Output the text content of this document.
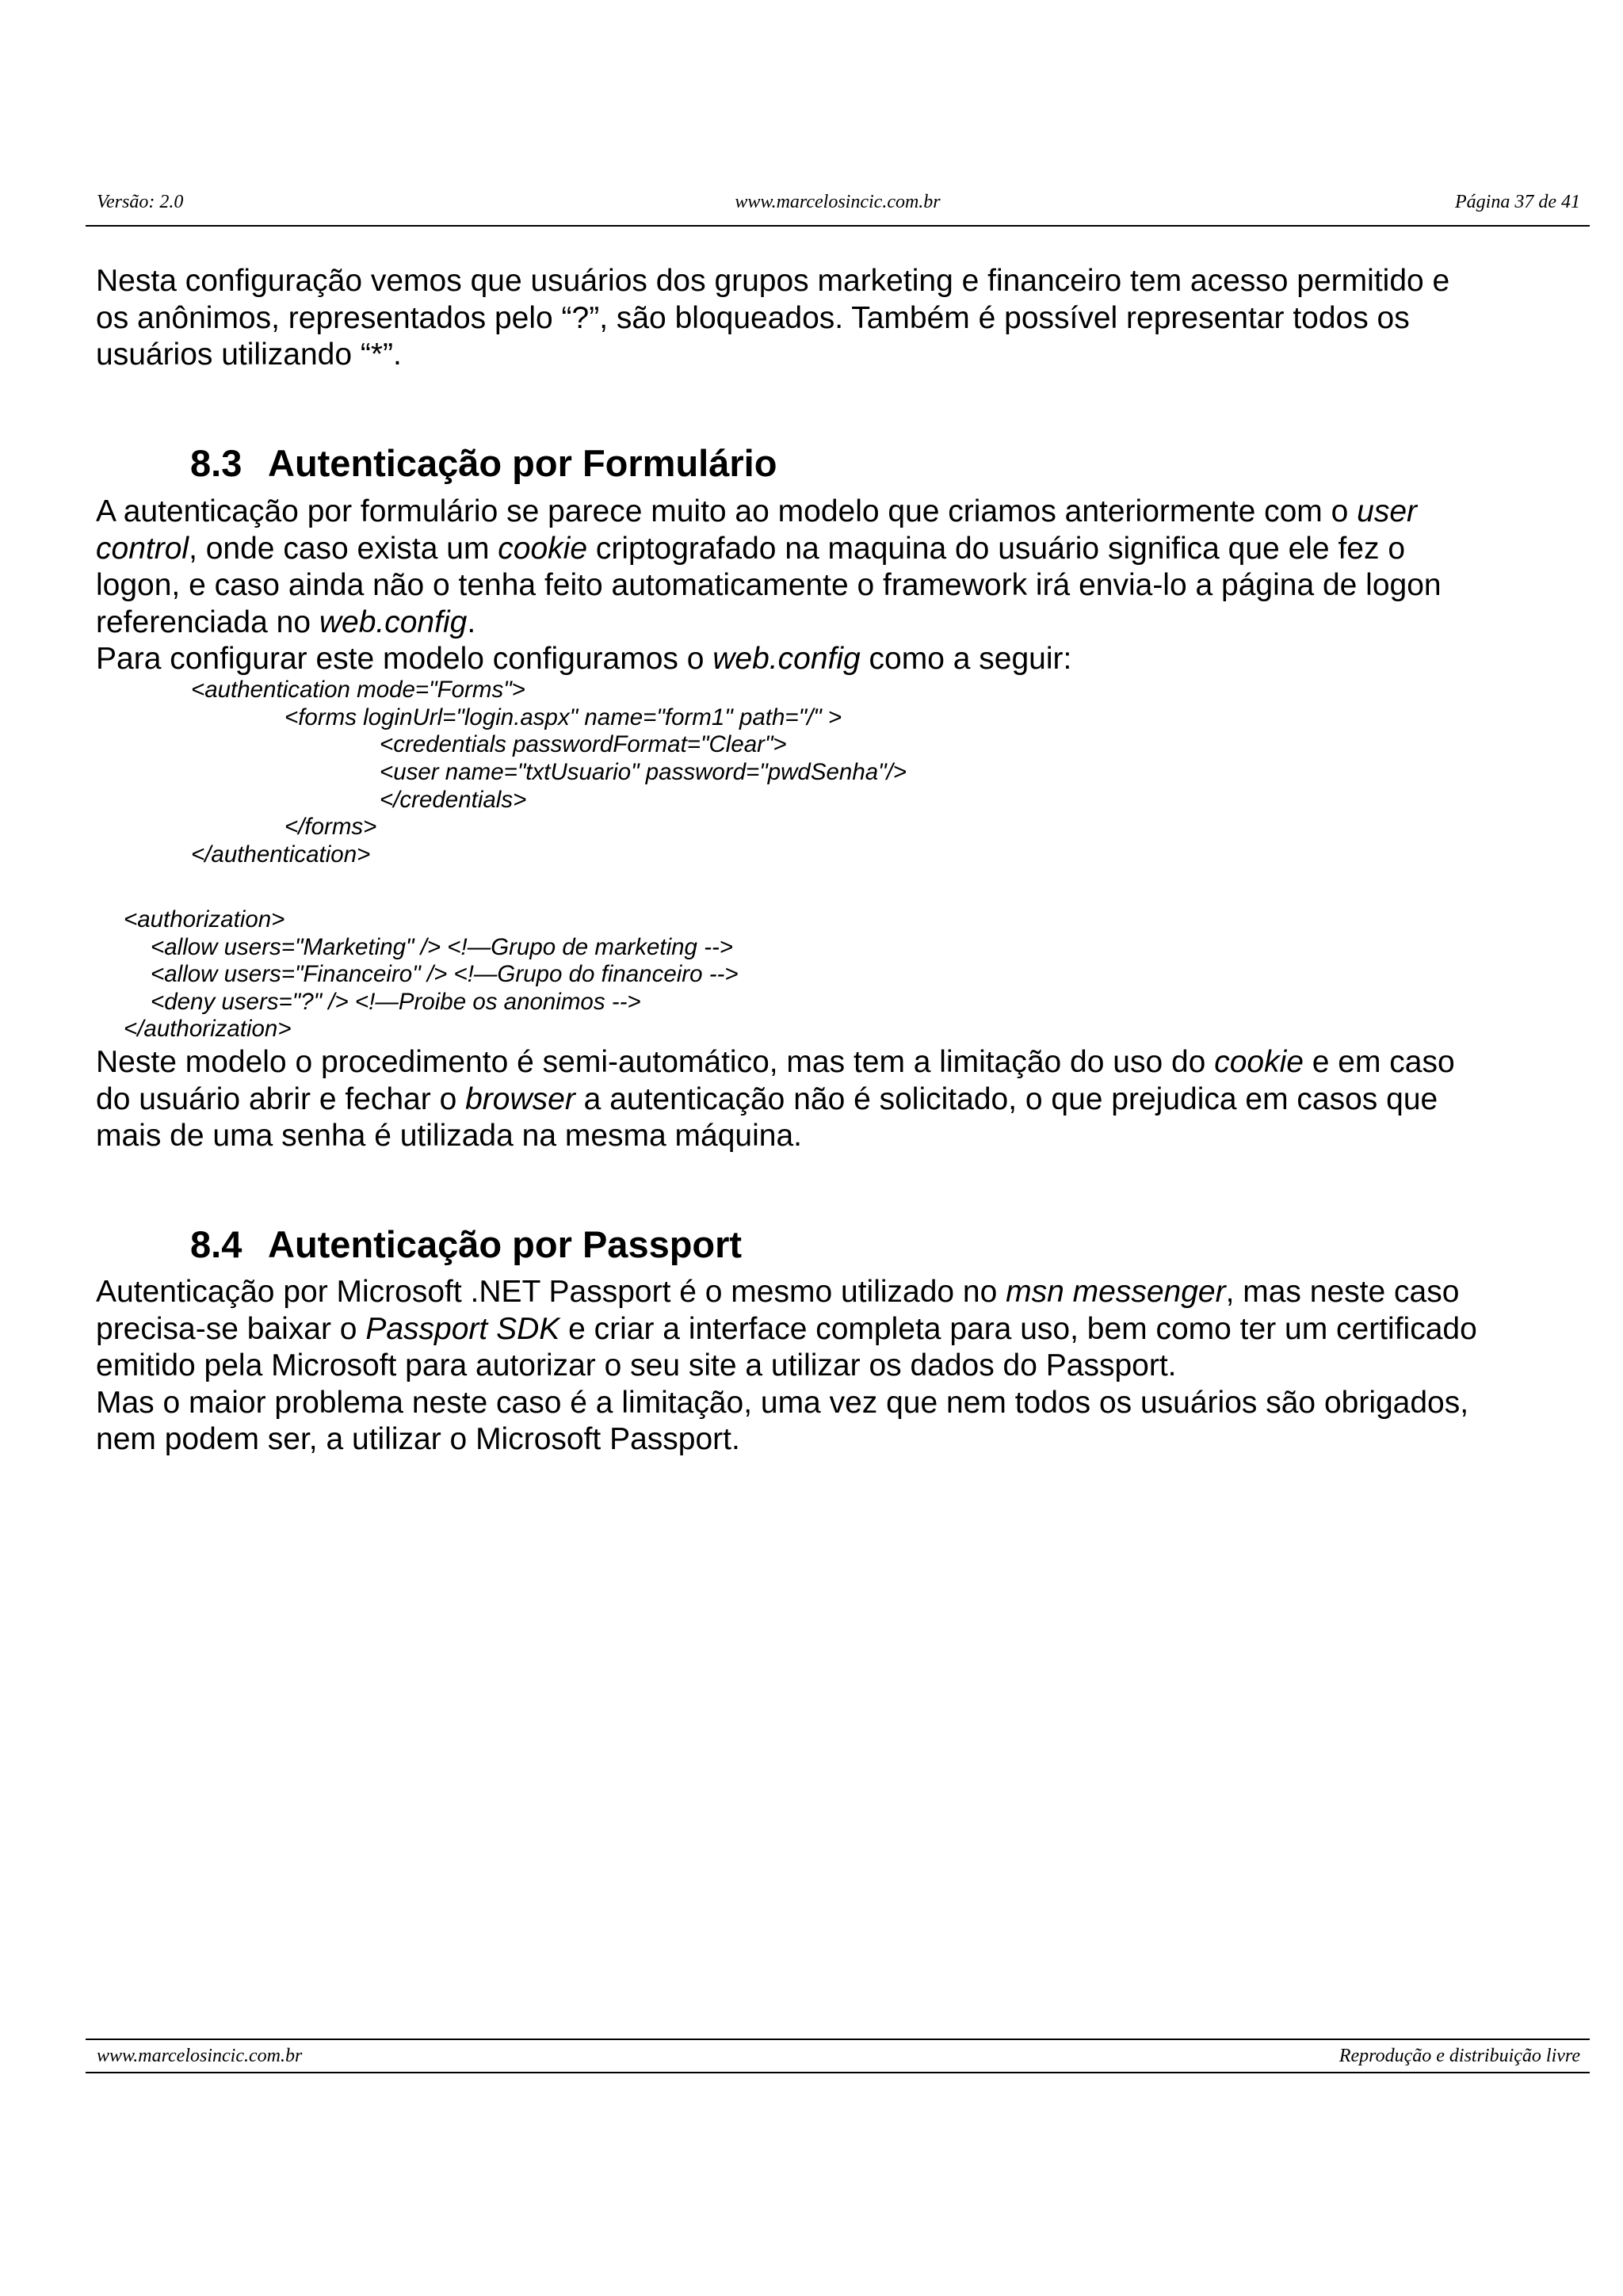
Versão: 2.0	www.marcelosincic.com.br	Página 37 de 41
Nesta configuração vemos que usuários dos grupos marketing e financeiro tem acesso permitido e
os anônimos, representados pelo “?”, são bloqueados. Também é possível representar todos os
usuários utilizando “*”.
8.3 Autenticação por Formulário
A autenticação por formulário se parece muito ao modelo que criamos anteriormente com o user
control, onde caso exista um cookie criptografado na maquina do usuário significa que ele fez o
logon, e caso ainda não o tenha feito automaticamente o framework irá envia-lo a página de logon
referenciada no web.config.
Para configurar este modelo configuramos o web.config como a seguir:
<authentication mode="Forms">
<forms loginUrl="login.aspx" name="form1" path="/" >
<credentials passwordFormat="Clear">
<user name="txtUsuario" password="pwdSenha"/>
</credentials>
</forms>
</authentication>
<authorization>
<allow users="Marketing" /> <!—Grupo de marketing -->
<allow users="Financeiro" /> <!—Grupo do financeiro -->
<deny users="?" /> <!—Proibe os anonimos -->
</authorization>
Neste modelo o procedimento é semi-automático, mas tem a limitação do uso do cookie e em caso
do usuário abrir e fechar o browser a autenticação não é solicitado, o que prejudica em casos que
mais de uma senha é utilizada na mesma máquina.
8.4 Autenticação por Passport
Autenticação por Microsoft .NET Passport é o mesmo utilizado no msn messenger, mas neste caso
precisa-se baixar o Passport SDK e criar a interface completa para uso, bem como ter um certificado
emitido pela Microsoft para autorizar o seu site a utilizar os dados do Passport.
Mas o maior problema neste caso é a limitação, uma vez que nem todos os usuários são obrigados,
nem podem ser, a utilizar o Microsoft Passport.
www.marcelosincic.com.br	Reprodução e distribuição livre
